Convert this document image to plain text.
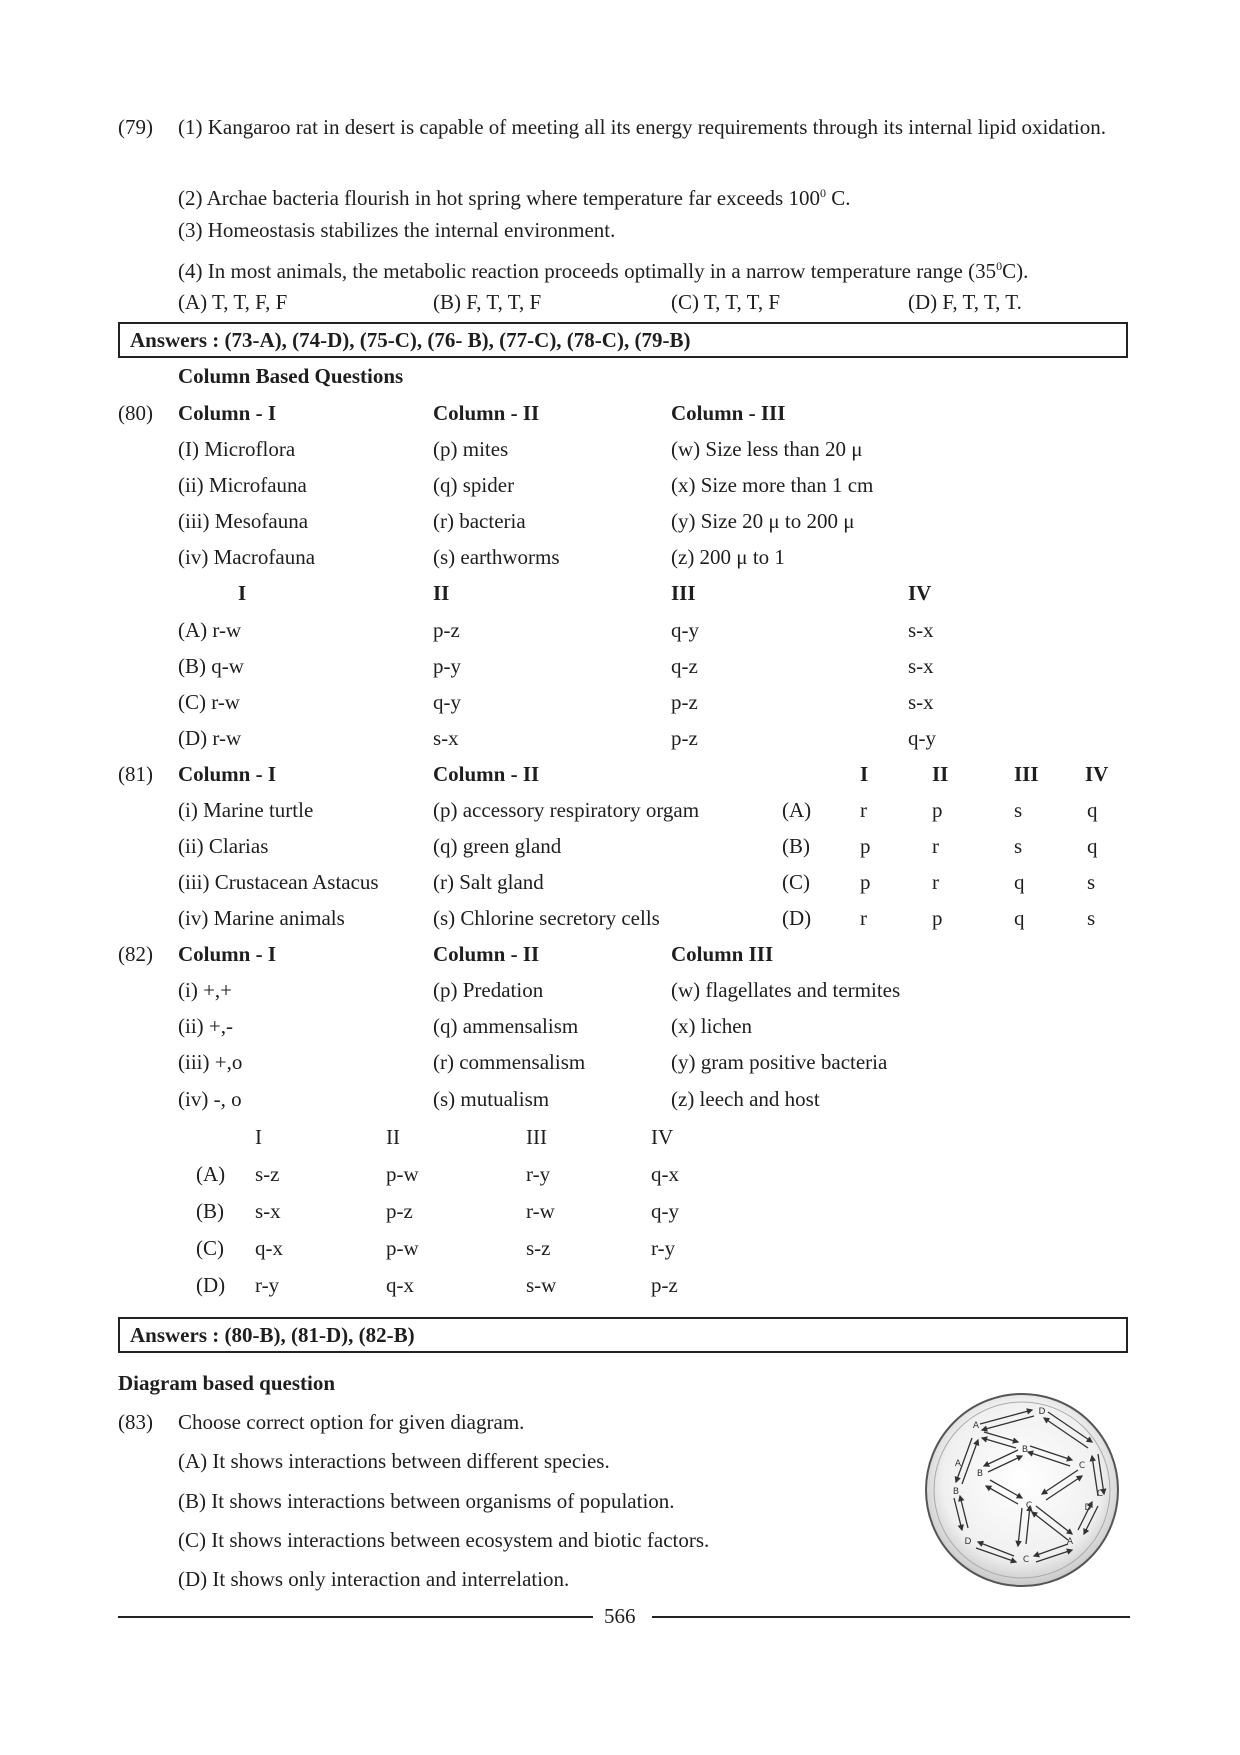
(79) (1) Kangaroo rat in desert is capable of meeting all its energy requirements through its internal lipid oxidation.
(2) Archae bacteria flourish in hot spring where temperature far exceeds $100^0$ C.
(3) Homeostasis stabilizes the internal environment.
(4) In most animals, the metabolic reaction proceeds optimally in a narrow temperature range $(35^0C)$.
(A) T, T, F, F	(B) F, T, T, F	(C) T, T, T, F	(D) F, T, T, T.
Answers : (73-A), (74-D), (75-C), (76- B), (77-C), (78-C), (79-B)
Column Based Questions
(80) Column - I	Column - II	Column - III
(I) Microflora	(p) mites	(w) Size less than 20 μ
(ii) Microfauna	(q) spider	(x) Size more than 1 cm
(iii) Mesofauna	(r) bacteria	(y) Size 20 μ to 200 μ
(iv) Macrofauna	(s) earthworms	(z) 200 μ to 1
I	II	III	IV
(A) r-w	p-z	q-y	s-x
(B) q-w	p-y	q-z	s-x
(C) r-w	q-y	p-z	s-x
(D) r-w	s-x	p-z	q-y
(81) Column - I	Column - II	I	II	III IV
(i) Marine turtle	(p) accessory respiratory orgam	(A) r	p	s	q
(ii) Clarias	(q) green gland	(B) p	r	s	q
(iii) Crustacean Astacus	(r) Salt gland	(C) p	r	q	s
(iv) Marine animals	(s) Chlorine secretory cells	(D) r	p	q	s
(82) Column - I	Column - II	Column III
(i) +,+	(p) Predation	(w) flagellates and termites
(ii) +,-	(q) ammensalism	(x) lichen
(iii) +,o	(r) commensalism	(y) gram positive bacteria
(iv) -, o	(s) mutualism	(z) leech and host
I	II	III	IV
(A) s-z	p-w	r-y	q-x
(B) s-x	p-z	r-w	q-y
(C) q-x	p-w	s-z	r-y
(D) r-y	q-x	s-w	p-z
Answers : (80-B), (81-D), (82-B)
Diagram based question
(83) Choose correct option for given diagram.
(A) It shows interactions between different species.
(B) It shows interactions between organisms of population.
(C) It shows interactions between ecosystem and biotic factors.
(D) It shows only interaction and interrelation.
D
A
B
C
B
C
A
D
B	C
A
D
C
566
